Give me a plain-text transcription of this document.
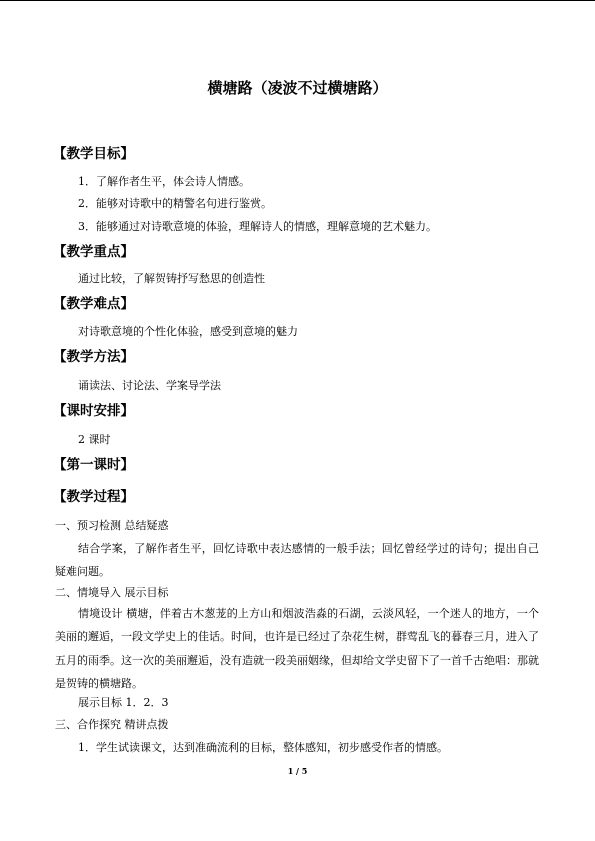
横塘路（凌波不过横塘路）
【教学目标】
1．了解作者生平，体会诗人情感。
2．能够对诗歌中的精警名句进行鉴赏。
3．能够通过对诗歌意境的体验，理解诗人的情感，理解意境的艺术魅力。
【教学重点】
通过比较，了解贺铸抒写愁思的创造性
【教学难点】
对诗歌意境的个性化体验，感受到意境的魅力
【教学方法】
诵读法、讨论法、学案导学法
【课时安排】
2 课时
【第一课时】
【教学过程】
一、预习检测 总结疑惑
结合学案，了解作者生平，回忆诗歌中表达感情的一般手法；回忆曾经学过的诗句；提出自己疑难问题。
二、情境导入 展示目标
情境设计 横塘，伴着古木葱茏的上方山和烟波浩淼的石湖，云淡风轻，一个迷人的地方，一个美丽的邂逅，一段文学史上的佳话。时间，也许是已经过了杂花生树，群莺乱飞的暮春三月，进入了五月的雨季。这一次的美丽邂逅，没有造就一段美丽姻缘，但却给文学史留下了一首千古绝唱：那就是贺铸的横塘路。
展示目标 1．2．3
三、合作探究 精讲点拨
1．学生试读课文，达到准确流利的目标，整体感知，初步感受作者的情感。
1 / 5
